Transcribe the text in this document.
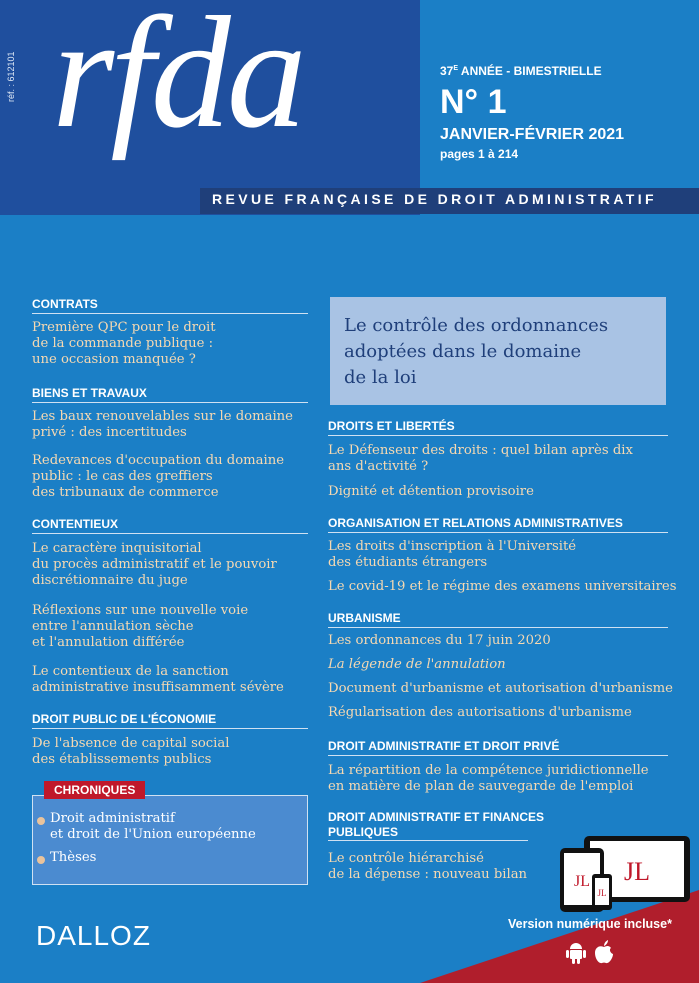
réf. : 612101 rfda	$37^E$ ANNÉE - BIMESTRIELLE
N° 1
JANVIER-FÉVRIER 2021
pages 1 à 214
REVUE FRANÇAISE DE DROIT ADMINISTRATIF
CONTRATS
Première QPC pour le droit
de la commande publique :
une occasion manquée ?
BIENS ET TRAVAUX
Les baux renouvelables sur le domaine
privé : des incertitudes
Redevances d'occupation du domaine
public : le cas des greffiers
des tribunaux de commerce
CONTENTIEUX
Le caractère inquisitorial
du procès administratif et le pouvoir
discrétionnaire du juge
Réflexions sur une nouvelle voie
entre l'annulation sèche
et l'annulation différée
Le contentieux de la sanction
administrative insuffisamment sévère
DROIT PUBLIC DE L'ÉCONOMIE
De l'absence de capital social
des établissements publics
CHRONIQUES
Droit administratif
et droit de l'Union européenne
Thèses
Le contrôle des ordonnances
adoptées dans le domaine
de la loi
DROITS ET LIBERTÉS
Le Défenseur des droits : quel bilan après dix
ans d'activité ?
Dignité et détention provisoire
ORGANISATION ET RELATIONS ADMINISTRATIVES
Les droits d'inscription à l'Université
des étudiants étrangers
Le covid-19 et le régime des examens universitaires
URBANISME
Les ordonnances du 17 juin 2020
La légende de l'annulation
Document d'urbanisme et autorisation d'urbanisme
Régularisation des autorisations d'urbanisme
DROIT ADMINISTRATIF ET DROIT PRIVÉ
La répartition de la compétence juridictionnelle
en matière de plan de sauvegarde de l'emploi
DROIT ADMINISTRATIF ET FINANCES
PUBLIQUES
Le contrôle hiérarchisé
de la dépense : nouveau bilan	JL
JL
JL
Version numérique incluse*
DALLOZ
